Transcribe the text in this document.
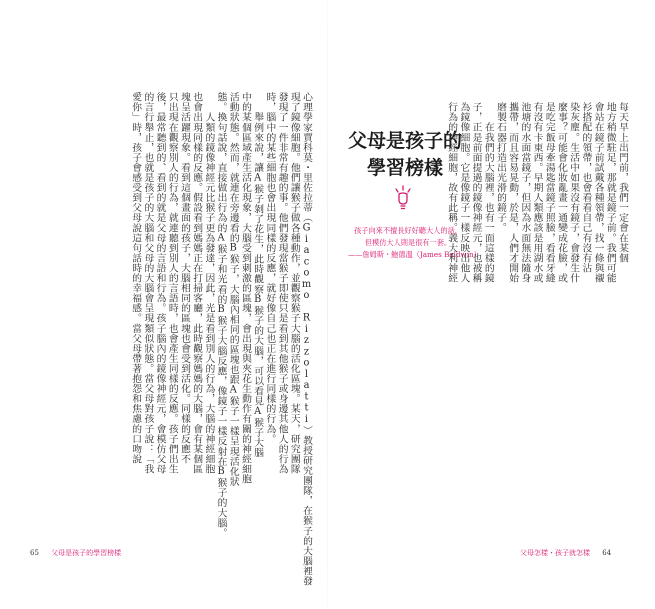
心理學家賈科莫・里佐拉蒂（Giacomo Rizzolatti）教授研究團隊，在猴子的大腦裡發
現了鏡像細胞。他們讓猴子做各種動作，並觀察猴子大腦的活化區塊。某天，研究團隊
發現了一件非常有趣的事。他們發現當猴子即使只是看到其他猴子或身邊其他人的行為
時，腦中的某些細胞也會出現同樣的反應，就好像自己也正在進行同樣的行為。
　　舉例來說，讓A猴子剝了花生，此時觀察B猴子的大腦，可以看見A猴子大腦
中的某個區域產生活化現象，大腦受到刺激的區塊，會出現與夾花生動作有關的神經細胞
活動狀態。然而，就連在旁邊看的B猴子，大腦內相同的區塊也跟A猴子一樣呈現活化狀
態。換句話說，直接做出行為的A猴子和光看的B猴子大腦反應，像鏡子一樣反射在B猴子的大腦。
　　人類的鏡像神經元比猴子更為發達，因此，光是看到別人的行為，大腦的神經細胞
也會出現同樣的反應。假設看到媽媽正在打掃客廳，此時觀察媽媽的大腦，會有某個區
塊呈活躍現象。看到這個畫面的孩子，大腦相同的區塊也會受到活化。同樣的反應不
只出現在觀察別人的行為，就連聽到別人的言語時，也會產生同樣的反應。孩子們出生
後，最常聽到的、看到的就是父母的言語和行為。孩子腦內的鏡像神經元，會模仿父母
的言行舉止，也就是孩子的大腦和父母的大腦會呈現類似狀態。當父母對孩子說：「我
愛你」時，孩子會感受到父母說這句話時的幸福感。當父母帶著抱怨和焦慮的口吻說
65 父母是孩子的學習榜樣
父母是孩子的
學習榜樣
孩子向來不擅長好好聽大人的話，
但模仿大人則是很有一套。
——詹姆斯・鮑德溫（James Baldwin）	每天早上出門前，我們一定會在某個
地方稍微駐足，那就是鏡子前。我們可能
會站在鏡子前試戴各種領帶，找一條與襯
衫搭配的領帶，也會看看自己有沒有沾
染灰塵。生活中如果沒有鏡子，會發生什
麼事？可能會化妝亂畫一通變成花臉，或
是吃完飯母牽湯匙當鏡子照臉，看看牙縫
有沒有卡東西。早期人類應該是用湖水或
池塘的水面當鏡子，但因為水面無法隨身
攜帶，而且容易晃動，於是，人們才開始
磨製石器打造出光滑的鏡子。
　　在我們的大腦裡，也有一面這樣的鏡
子，正是前面提過的鏡像神經元，也被稱
為鏡像細胞。它是像鏡子一樣反映出他人
行為的神經細胞，故有此稱。義大利神經
父母怎樣・孩子就怎樣 64
